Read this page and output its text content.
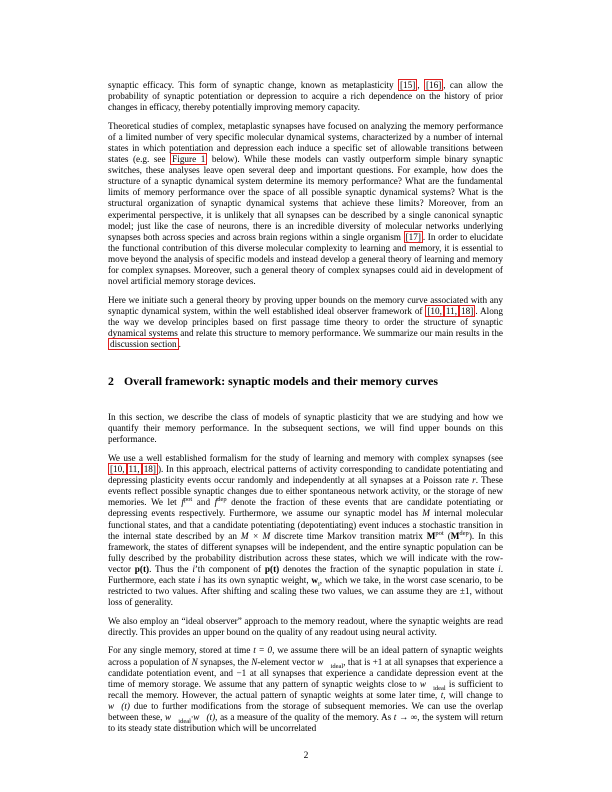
synaptic efficacy. This form of synaptic change, known as metaplasticity [15] , [16] , can allow the probability of synaptic potentiation or depression to acquire a rich dependence on the history of prior changes in efficacy, thereby potentially improving memory capacity.

Theoretical studies of complex, metaplastic synapses have focused on analyzing the memory performance of a limited number of very specific molecular dynamical systems, characterized by a number of internal states in which potentiation and depression each induce a specific set of allowable transitions between states (e.g. see Figure 1 below). While these models can vastly outperform simple binary synaptic switches, these analyses leave open several deep and important questions. For example, how does the structure of a synaptic dynamical system determine its memory performance? What are the fundamental limits of memory performance over the space of all possible synaptic dynamical systems? What is the structural organization of synaptic dynamical systems that achieve these limits? Moreover, from an experimental perspective, it is unlikely that all synapses can be described by a single canonical synaptic model; just like the case of neurons, there is an incredible diversity of molecular networks underlying synapses both across species and across brain regions within a single organism [17] . In order to elucidate the functional contribution of this diverse molecular complexity to learning and memory, it is essential to move beyond the analysis of specific models and instead develop a general theory of learning and memory for complex synapses. Moreover, such a general theory of complex synapses could aid in development of novel artificial memory storage devices.

Here we initiate such a general theory by proving upper bounds on the memory curve associated with any synaptic dynamical system, within the well established ideal observer framework of [10, 11, 18] . Along the way we develop principles based on first passage time theory to order the structure of synaptic dynamical systems and relate this structure to memory performance. We summarize our main results in the discussion section .

2 Overall framework: synaptic models and their memory curves

In this section, we describe the class of models of synaptic plasticity that we are studying and how we quantify their memory performance. In the subsequent sections, we will find upper bounds on this performance.

We use a well established formalism for the study of learning and memory with complex synapses (see [10, 11, 18] ). In this approach, electrical patterns of activity corresponding to candidate potentiating and depressing plasticity events occur randomly and independently at all synapses at a Poisson rate r. These events reflect possible synaptic changes due to either spontaneous network activity, or the storage of new memories. We let $f^{pot}$ and $f^{dep}$ denote the fraction of these events that are candidate potentiating or depressing events respectively. Furthermore, we assume our synaptic model has M internal molecular functional states, and that a candidate potentiating (depotentiating) event induces a stochastic transition in the internal state described by an M × M discrete time Markov transition matrix $M^{pot}$ $(M^{dep})$. In this framework, the states of different synapses will be independent, and the entire synaptic population can be fully described by the probability distribution across these states, which we will indicate with the row-vector p(t). Thus the i’th component of p(t) denotes the fraction of the synaptic population in state i. Furthermore, each state i has its own synaptic weight, $w_i$, which we take, in the worst case scenario, to be restricted to two values. After shifting and scaling these two values, we can assume they are ±1, without loss of generality.

We also employ an “ideal observer” approach to the memory readout, where the synaptic weights are read directly. This provides an upper bound on the quality of any readout using neural activity.

For any single memory, stored at time t = 0, we assume there will be an ideal pattern of synaptic weights across a population of N synapses, the N-element vector $w⃗_{ideal}$, that is +1 at all synapses that experience a candidate potentiation event, and −1 at all synapses that experience a candidate depression event at the time of memory storage. We assume that any pattern of synaptic weights close to $w⃗_{ideal}$ is sufficient to recall the memory. However, the actual pattern of synaptic weights at some later time, t, will change to w⃗(t) due to further modifications from the storage of subsequent memories. We can use the overlap between these, $w⃗_{ideal}\cdot w⃗(t)$, as a measure of the quality of the memory. As t → ∞, the system will return to its steady state distribution which will be uncorrelated

2
